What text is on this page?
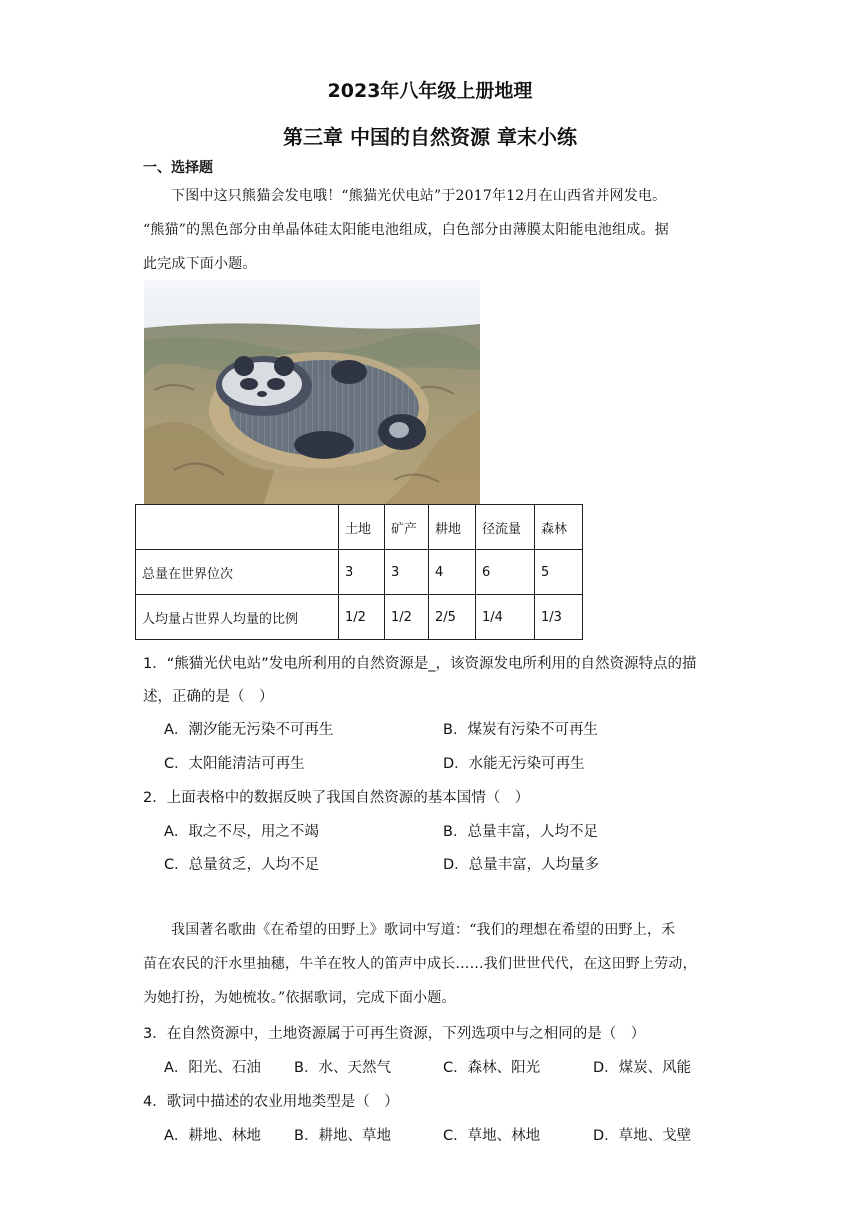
2023年八年级上册地理
第三章 中国的自然资源 章末小练
一、选择题
下图中这只熊猫会发电哦！“熊猫光伏电站”于2017年12月在山西省并网发电。
“熊猫”的黑色部分由单晶体硅太阳能电池组成，白色部分由薄膜太阳能电池组成。据
此完成下面小题。
	土地	矿产	耕地	径流量	森林
总量在世界位次	3	3	4	6	5
人均量占世界人均量的比例	1/2	1/2	2/5	1/4	1/3
1．“熊猫光伏电站”发电所利用的自然资源是_，该资源发电所利用的自然资源特点的描
述，正确的是（　）
A．潮汐能无污染不可再生	B．煤炭有污染不可再生
C．太阳能清洁可再生	D．水能无污染可再生
2．上面表格中的数据反映了我国自然资源的基本国情（　）
A．取之不尽，用之不竭	B．总量丰富，人均不足
C．总量贫乏，人均不足	D．总量丰富，人均量多
我国著名歌曲《在希望的田野上》歌词中写道：“我们的理想在希望的田野上，禾
苗在农民的汗水里抽穗，牛羊在牧人的笛声中成长……我们世世代代，在这田野上劳动，
为她打扮，为她梳妆。”依据歌词，完成下面小题。
3．在自然资源中，土地资源属于可再生资源，下列选项中与之相同的是（　）
A．阳光、石油 B．水、天然气	C．森林、阳光	D．煤炭、风能
4．歌词中描述的农业用地类型是（　）
A．耕地、林地 B．耕地、草地	C．草地、林地	D．草地、戈壁
